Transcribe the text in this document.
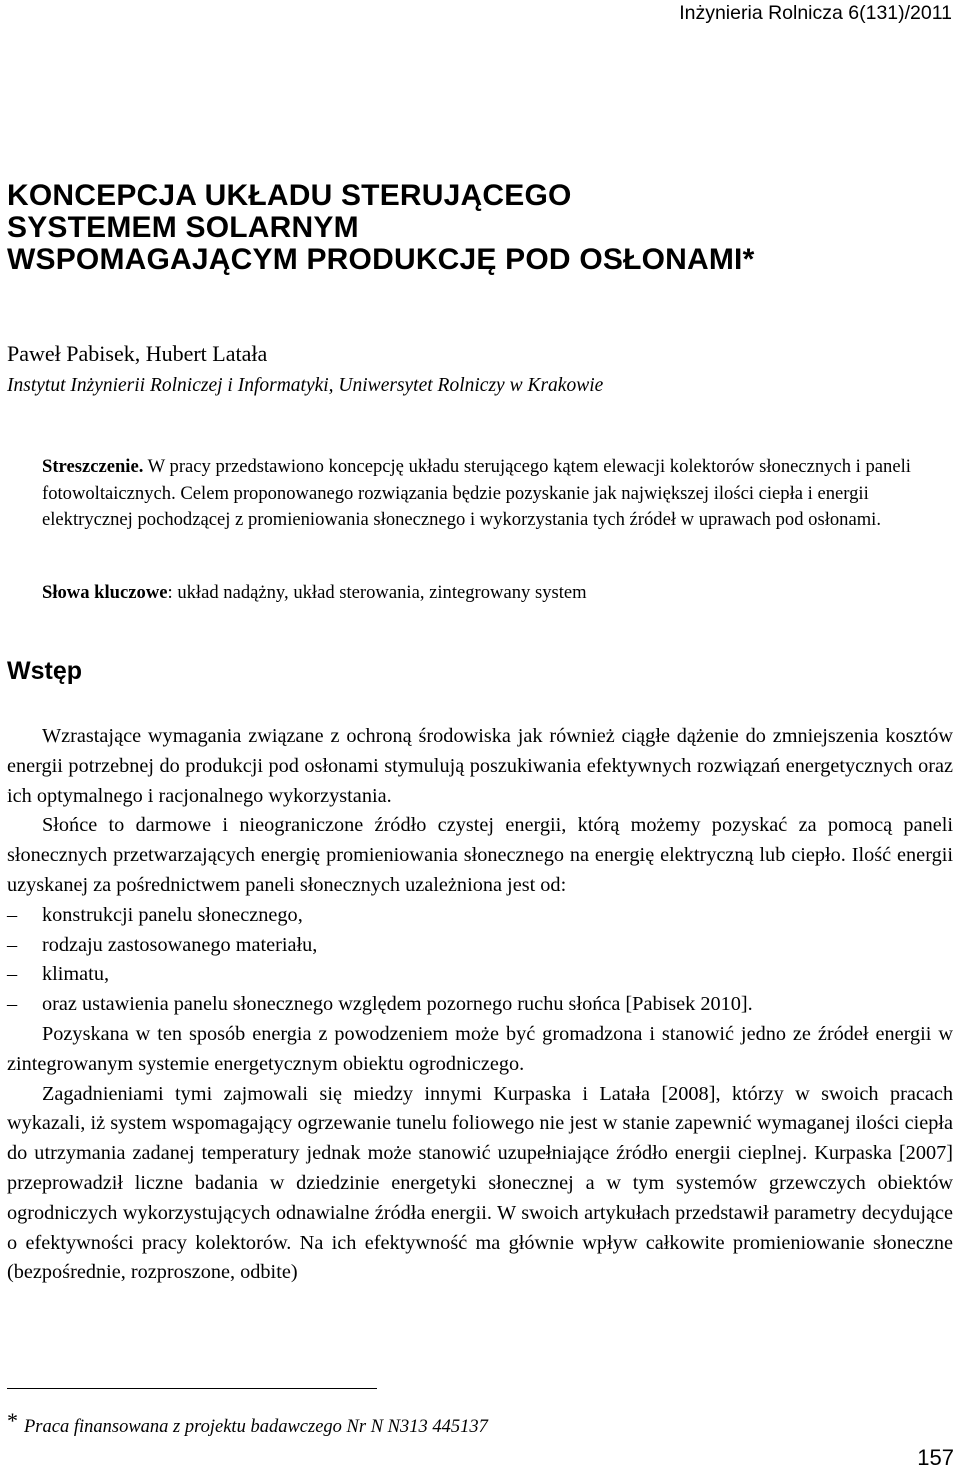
Inżynieria Rolnicza 6(131)/2011
KONCEPCJA UKŁADU STERUJĄCEGO
SYSTEMEM SOLARNYM
WSPOMAGAJĄCYM PRODUKCJĘ POD OSŁONAMI*
Paweł Pabisek, Hubert Latała
Instytut Inżynierii Rolniczej i Informatyki, Uniwersytet Rolniczy w Krakowie

Streszczenie. W pracy przedstawiono koncepcję układu sterującego kątem elewacji kolektorów słonecznych i paneli fotowoltaicznych. Celem proponowanego rozwiązania będzie pozyskanie jak największej ilości ciepła i energii elektrycznej pochodzącej z promieniowania słonecznego i wykorzystania tych źródeł w uprawach pod osłonami.

Słowa kluczowe: układ nadążny, układ sterowania, zintegrowany system
Wstęp

Wzrastające wymagania związane z ochroną środowiska jak również ciągłe dążenie do zmniejszenia kosztów energii potrzebnej do produkcji pod osłonami stymulują poszukiwania efektywnych rozwiązań energetycznych oraz ich optymalnego i racjonalnego wykorzystania.

Słońce to darmowe i nieograniczone źródło czystej energii, którą możemy pozyskać za pomocą paneli słonecznych przetwarzających energię promieniowania słonecznego na energię elektryczną lub ciepło. Ilość energii uzyskanej za pośrednictwem paneli słonecznych uzależniona jest od:

– konstrukcji panelu słonecznego,
– rodzaju zastosowanego materiału,
– klimatu,
– oraz ustawienia panelu słonecznego względem pozornego ruchu słońca [Pabisek 2010].

Pozyskana w ten sposób energia z powodzeniem może być gromadzona i stanowić jedno ze źródeł energii w zintegrowanym systemie energetycznym obiektu ogrodniczego.

Zagadnieniami tymi zajmowali się miedzy innymi Kurpaska i Latała [2008], którzy w swoich pracach wykazali, iż system wspomagający ogrzewanie tunelu foliowego nie jest w stanie zapewnić wymaganej ilości ciepła do utrzymania zadanej temperatury jednak może stanowić uzupełniające źródło energii cieplnej. Kurpaska [2007] przeprowadził liczne badania w dziedzinie energetyki słonecznej a w tym systemów grzewczych obiektów ogrodniczych wykorzystujących odnawialne źródła energii. W swoich artykułach przedstawił parametry decydujące o efektywności pracy kolektorów. Na ich efektywność ma głównie wpływ całkowite promieniowanie słoneczne (bezpośrednie, rozproszone, odbite)

* Praca finansowana z projektu badawczego Nr N N313 445137
157
